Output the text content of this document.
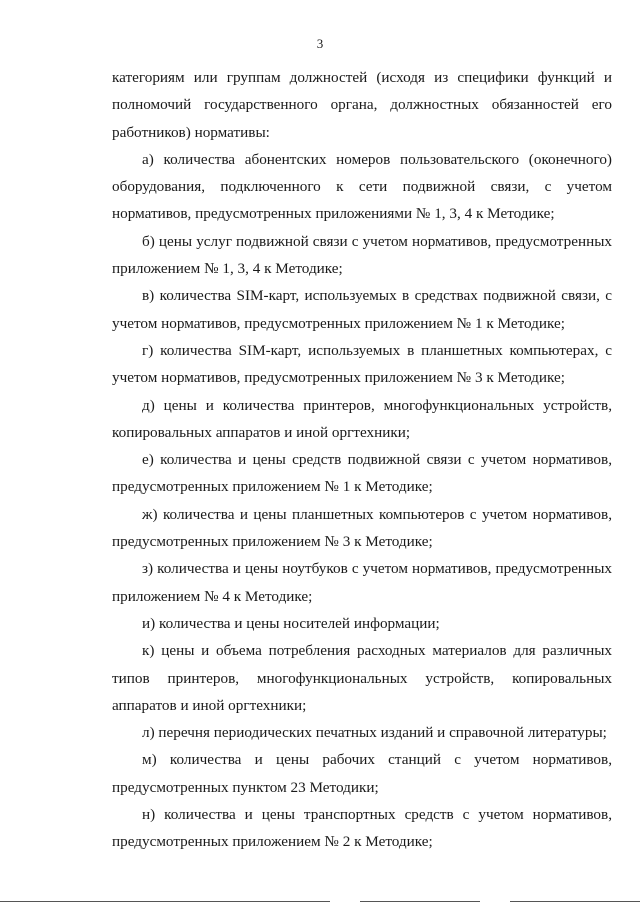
3

категориям или группам должностей (исходя из специфики функций и полномочий государственного органа, должностных обязанностей его работников) нормативы:

а) количества абонентских номеров пользовательского (оконечного) оборудования, подключенного к сети подвижной связи, с учетом нормативов, предусмотренных приложениями № 1, 3, 4 к Методике;

б) цены услуг подвижной связи с учетом нормативов, предусмотренных приложением № 1, 3, 4 к Методике;

в) количества SIM-карт, используемых в средствах подвижной связи, с учетом нормативов, предусмотренных приложением № 1 к Методике;

г) количества SIM-карт, используемых в планшетных компьютерах, с учетом нормативов, предусмотренных приложением № 3 к Методике;

д) цены и количества принтеров, многофункциональных устройств, копировальных аппаратов и иной оргтехники;

е) количества и цены средств подвижной связи с учетом нормативов, предусмотренных приложением № 1 к Методике;

ж) количества и цены планшетных компьютеров с учетом нормативов, предусмотренных приложением № 3 к Методике;

з) количества и цены ноутбуков с учетом нормативов, предусмотренных приложением № 4 к Методике;

и) количества и цены носителей информации;

к) цены и объема потребления расходных материалов для различных типов принтеров, многофункциональных устройств, копировальных аппаратов и иной оргтехники;

л) перечня периодических печатных изданий и справочной литературы;

м) количества и цены рабочих станций с учетом нормативов, предусмотренных пунктом 23 Методики;

н) количества и цены транспортных средств с учетом нормативов, предусмотренных приложением № 2 к Методике;
